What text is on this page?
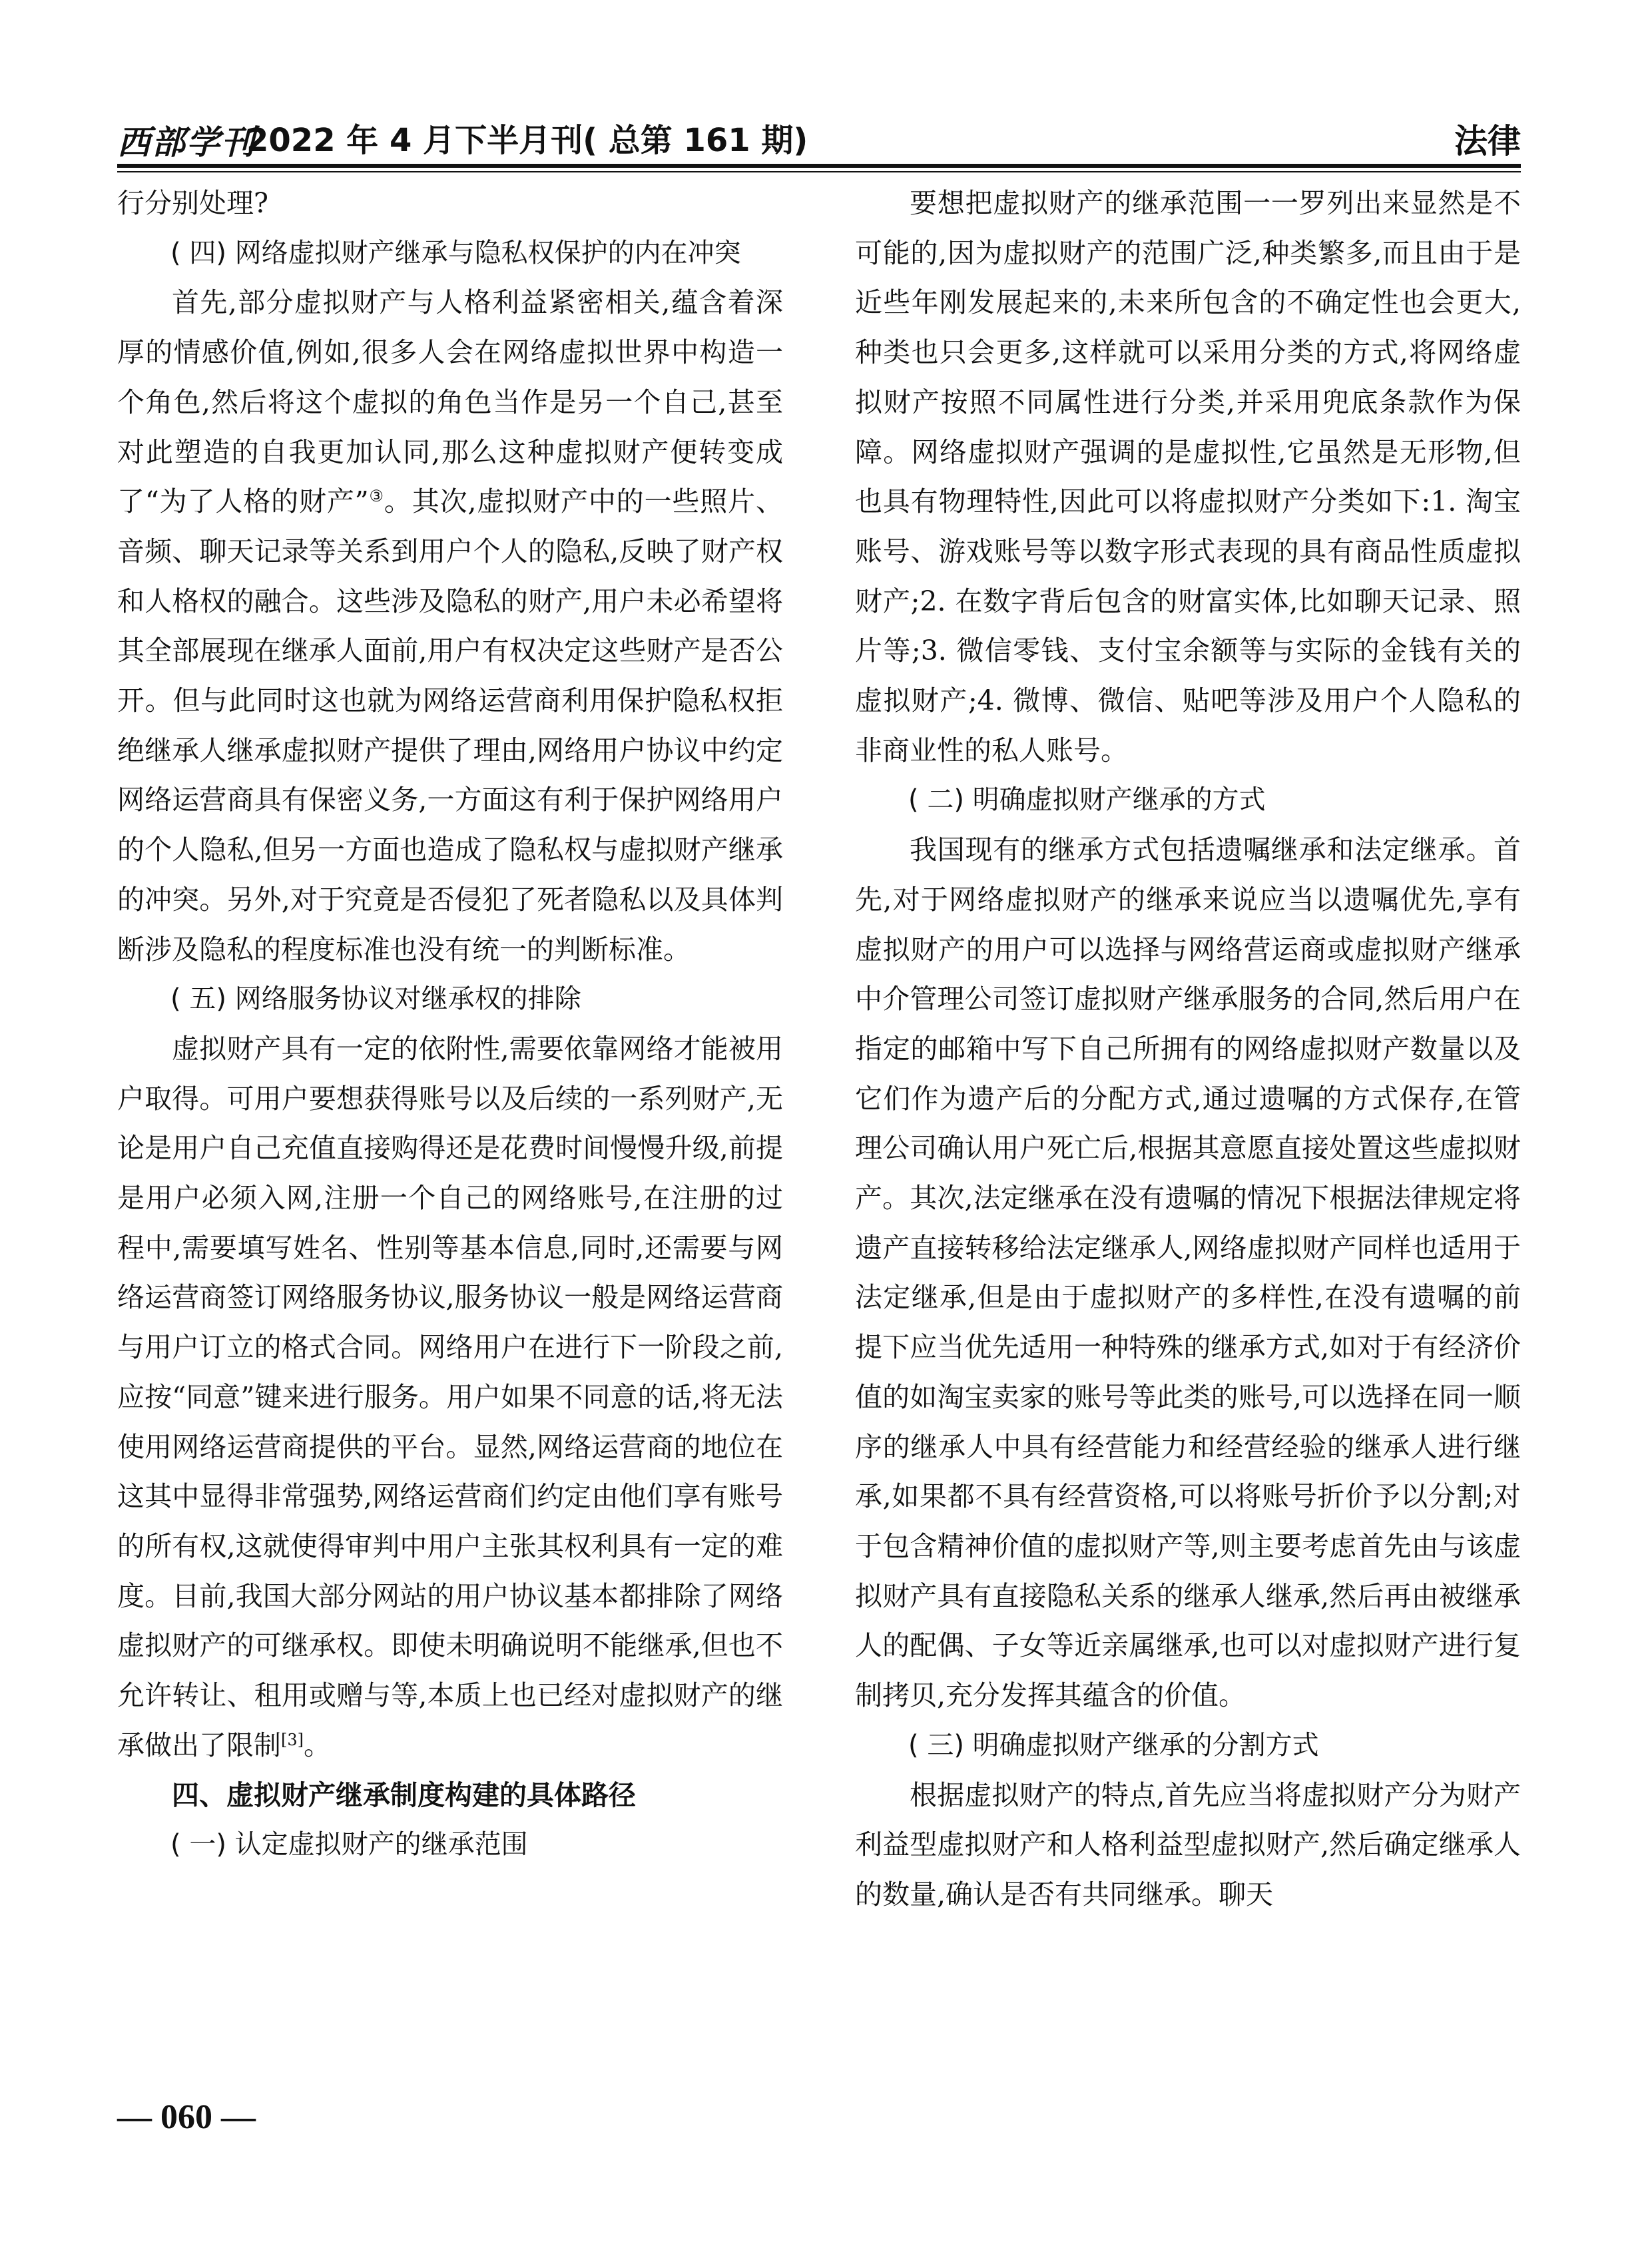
西部学刊
2022 年 4 月下半月刊( 总第 161 期)	法律

行分别处理?

( 四) 网络虚拟财产继承与隐私权保护的内在冲突

首先,部分虚拟财产与人格利益紧密相关,蕴含着深厚的情感价值,例如,很多人会在网络虚拟世界中构造一个角色,然后将这个虚拟的角色当作是另一个自己,甚至对此塑造的自我更加认同,那么这种虚拟财产便转变成了“为了人格的财产”③。其次,虚拟财产中的一些照片、音频、聊天记录等关系到用户个人的隐私,反映了财产权和人格权的融合。这些涉及隐私的财产,用户未必希望将其全部展现在继承人面前,用户有权决定这些财产是否公开。但与此同时这也就为网络运营商利用保护隐私权拒绝继承人继承虚拟财产提供了理由,网络用户协议中约定网络运营商具有保密义务,一方面这有利于保护网络用户的个人隐私,但另一方面也造成了隐私权与虚拟财产继承的冲突。另外,对于究竟是否侵犯了死者隐私以及具体判断涉及隐私的程度标准也没有统一的判断标准。

( 五) 网络服务协议对继承权的排除

虚拟财产具有一定的依附性,需要依靠网络才能被用户取得。可用户要想获得账号以及后续的一系列财产,无论是用户自己充值直接购得还是花费时间慢慢升级,前提是用户必须入网,注册一个自己的网络账号,在注册的过程中,需要填写姓名、性别等基本信息,同时,还需要与网络运营商签订网络服务协议,服务协议一般是网络运营商与用户订立的格式合同。网络用户在进行下一阶段之前,应按“同意”键来进行服务。用户如果不同意的话,将无法使用网络运营商提供的平台。显然,网络运营商的地位在这其中显得非常强势,网络运营商们约定由他们享有账号的所有权,这就使得审判中用户主张其权利具有一定的难度。目前,我国大部分网站的用户协议基本都排除了网络虚拟财产的可继承权。即使未明确说明不能继承,但也不允许转让、租用或赠与等,本质上也已经对虚拟财产的继承做出了限制[3]。

四、虚拟财产继承制度构建的具体路径
( 一) 认定虚拟财产的继承范围

要想把虚拟财产的继承范围一一罗列出来显然是不可能的,因为虚拟财产的范围广泛,种类繁多,而且由于是近些年刚发展起来的,未来所包含的不确定性也会更大,种类也只会更多,这样就可以采用分类的方式,将网络虚拟财产按照不同属性进行分类,并采用兜底条款作为保障。网络虚拟财产强调的是虚拟性,它虽然是无形物,但也具有物理特性,因此可以将虚拟财产分类如下:1. 淘宝账号、游戏账号等以数字形式表现的具有商品性质虚拟财产;2. 在数字背后包含的财富实体,比如聊天记录、照片等;3. 微信零钱、支付宝余额等与实际的金钱有关的虚拟财产;4. 微博、微信、贴吧等涉及用户个人隐私的非商业性的私人账号。

( 二) 明确虚拟财产继承的方式

我国现有的继承方式包括遗嘱继承和法定继承。首先,对于网络虚拟财产的继承来说应当以遗嘱优先,享有虚拟财产的用户可以选择与网络营运商或虚拟财产继承中介管理公司签订虚拟财产继承服务的合同,然后用户在指定的邮箱中写下自己所拥有的网络虚拟财产数量以及它们作为遗产后的分配方式,通过遗嘱的方式保存,在管理公司确认用户死亡后,根据其意愿直接处置这些虚拟财产。其次,法定继承在没有遗嘱的情况下根据法律规定将遗产直接转移给法定继承人,网络虚拟财产同样也适用于法定继承,但是由于虚拟财产的多样性,在没有遗嘱的前提下应当优先适用一种特殊的继承方式,如对于有经济价值的如淘宝卖家的账号等此类的账号,可以选择在同一顺序的继承人中具有经营能力和经营经验的继承人进行继承,如果都不具有经营资格,可以将账号折价予以分割;对于包含精神价值的虚拟财产等,则主要考虑首先由与该虚拟财产具有直接隐私关系的继承人继承,然后再由被继承人的配偶、子女等近亲属继承,也可以对虚拟财产进行复制拷贝,充分发挥其蕴含的价值。

( 三) 明确虚拟财产继承的分割方式

根据虚拟财产的特点,首先应当将虚拟财产分为财产利益型虚拟财产和人格利益型虚拟财产,然后确定继承人的数量,确认是否有共同继承。聊天

— 060 —
